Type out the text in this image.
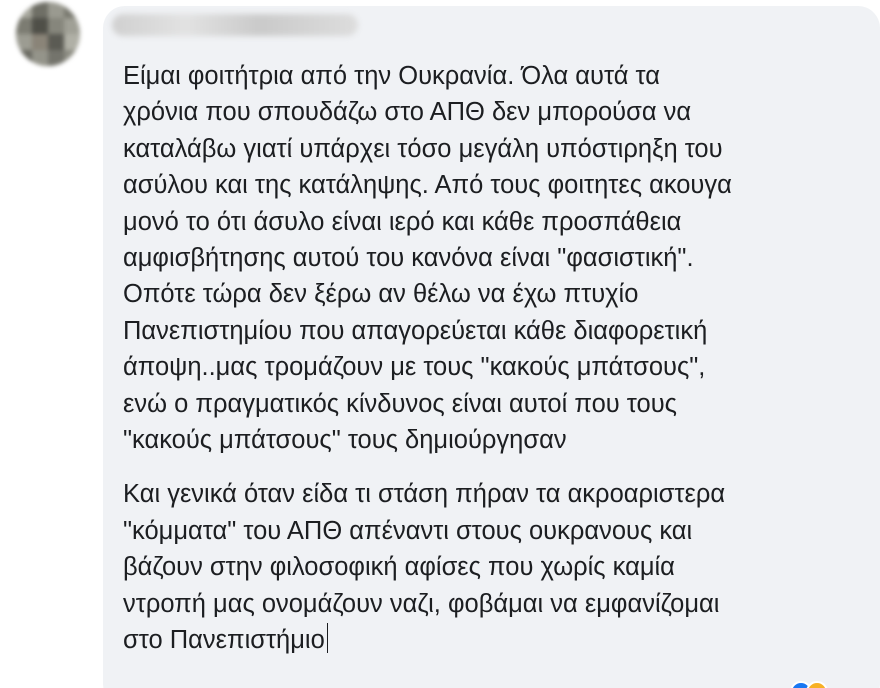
Είμαι φοιτήτρια από την Ουκρανία. Όλα αυτά τα
χρόνια που σπουδάζω στο ΑΠΘ δεν μπορούσα να
καταλάβω γιατί υπάρχει τόσο μεγάλη υπόστιρηξη του
ασύλου και της κατάληψης. Από τους φοιτητες ακουγα
μονό το ότι άσυλο είναι ιερό και κάθε προσπάθεια
αμφισβήτησης αυτού του κανόνα είναι "φασιστική".
Οπότε τώρα δεν ξέρω αν θέλω να έχω πτυχίο
Πανεπιστημίου που απαγορεύεται κάθε διαφορετική
άποψη..μας τρομάζουν με τους "κακούς μπάτσους",
ενώ ο πραγματικός κίνδυνος είναι αυτοί που τους
"κακούς μπάτσους" τους δημιούργησαν

Και γενικά όταν είδα τι στάση πήραν τα ακροαριστερα
"κόμματα" του ΑΠΘ απέναντι στους ουκρανους και
βάζουν στην φιλοσοφική αφίσες που χωρίς καμία
ντροπή μας ονομάζουν ναζι, φοβάμαι να εμφανίζομαι
στο Πανεπιστήμιο
